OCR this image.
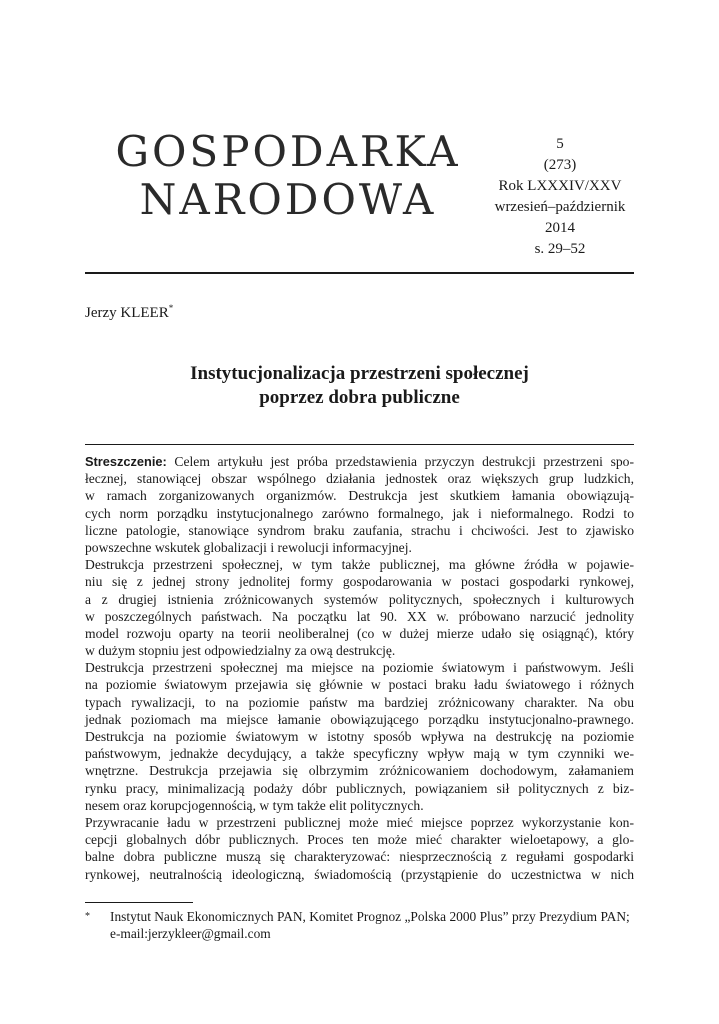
GOSPODARKA
NARODOWA
5
(273)
Rok LXXXIV/XXV
wrzesień–październik
2014
s. 29–52
Jerzy KLEER*
Instytucjonalizacja przestrzeni społecznej
poprzez dobra publiczne
Streszczenie: Celem artykułu jest próba przedstawienia przyczyn destrukcji przestrzeni spo-
łecznej, stanowiącej obszar wspólnego działania jednostek oraz większych grup ludzkich,
w ramach zorganizowanych organizmów. Destrukcja jest skutkiem łamania obowiązują-
cych norm porządku instytucjonalnego zarówno formalnego, jak i nieformalnego. Rodzi to
liczne patologie, stanowiące syndrom braku zaufania, strachu i chciwości. Jest to zjawisko
powszechne wskutek globalizacji i rewolucji informacyjnej.
Destrukcja przestrzeni społecznej, w tym także publicznej, ma główne źródła w pojawie-
niu się z jednej strony jednolitej formy gospodarowania w postaci gospodarki rynkowej,
a z drugiej istnienia zróżnicowanych systemów politycznych, społecznych i kulturowych
w poszczególnych państwach. Na początku lat 90. XX w. próbowano narzucić jednolity
model rozwoju oparty na teorii neoliberalnej (co w dużej mierze udało się osiągnąć), który
w dużym stopniu jest odpowiedzialny za ową destrukcję.
Destrukcja przestrzeni społecznej ma miejsce na poziomie światowym i państwowym. Jeśli
na poziomie światowym przejawia się głównie w postaci braku ładu światowego i różnych
typach rywalizacji, to na poziomie państw ma bardziej zróżnicowany charakter. Na obu
jednak poziomach ma miejsce łamanie obowiązującego porządku instytucjonalno-prawnego.
Destrukcja na poziomie światowym w istotny sposób wpływa na destrukcję na poziomie
państwowym, jednakże decydujący, a także specyficzny wpływ mają w tym czynniki we-
wnętrzne. Destrukcja przejawia się olbrzymim zróżnicowaniem dochodowym, załamaniem
rynku pracy, minimalizacją podaży dóbr publicznych, powiązaniem sił politycznych z biz-
nesem oraz korupcjogennością, w tym także elit politycznych.
Przywracanie ładu w przestrzeni publicznej może mieć miejsce poprzez wykorzystanie kon-
cepcji globalnych dóbr publicznych. Proces ten może mieć charakter wieloetapowy, a glo-
balne dobra publiczne muszą się charakteryzować: niesprzecznością z regułami gospodarki
rynkowej, neutralnością ideologiczną, świadomością (przystąpienie do uczestnictwa w nich
* Instytut Nauk Ekonomicznych PAN, Komitet Prognoz „Polska 2000 Plus” przy Prezydium PAN;
e-mail:jerzykleer@gmail.com
